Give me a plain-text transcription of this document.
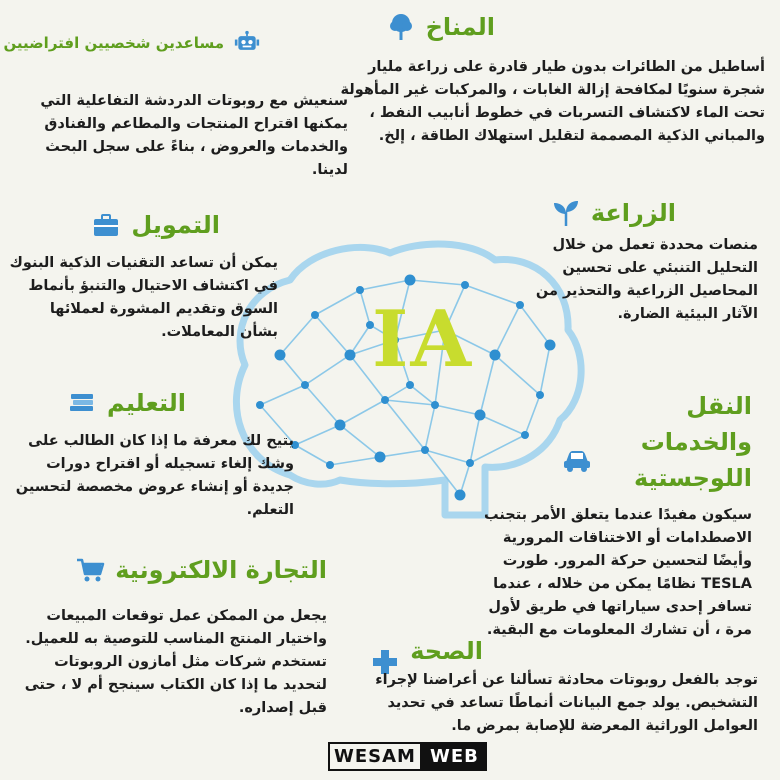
IA
المناخ
أساطيل من الطائرات بدون طيار قادرة على زراعة مليار شجرة سنويًا لمكافحة إزالة الغابات ، والمركبات غير المأهولة تحت الماء لاكتشاف التسربات في خطوط أنابيب النفط ، والمباني الذكية المصممة لتقليل استهلاك الطاقة ، إلخ.
مساعدين شخصيين افتراضيين
سنعيش مع روبوتات الدردشة التفاعلية التي يمكنها اقتراح المنتجات والمطاعم والفنادق والخدمات والعروض ، بناءً على سجل البحث لدينا.
الزراعة
منصات محددة تعمل من خلال التحليل التنبئي على تحسين المحاصيل الزراعية والتحذير من الآثار البيئية الضارة.
التمويل
يمكن أن تساعد التقنيات الذكية البنوك في اكتشاف الاحتيال والتنبؤ بأنماط السوق وتقديم المشورة لعملائها بشأن المعاملات.
التعليم
يتيح لك معرفة ما إذا كان الطالب على وشك إلغاء تسجيله أو اقتراح دورات جديدة أو إنشاء عروض مخصصة لتحسين التعلم.
النقل والخدمات اللوجستية
سيكون مفيدًا عندما يتعلق الأمر بتجنب الاصطدامات أو الاختناقات المرورية وأيضًا لتحسين حركة المرور. طورت TESLA نظامًا يمكن من خلاله ، عندما تسافر إحدى سياراتها في طريق لأول مرة ، أن تشارك المعلومات مع البقية.
التجارة الالكترونية
يجعل من الممكن عمل توقعات المبيعات واختيار المنتج المناسب للتوصية به للعميل. تستخدم شركات مثل أمازون الروبوتات لتحديد ما إذا كان الكتاب سينجح أم لا ، حتى قبل إصداره.
الصحة
توجد بالفعل روبوتات محادثة تسألنا عن أعراضنا لإجراء التشخيص. يولد جمع البيانات أنماطًا تساعد في تحديد العوامل الوراثية المعرضة للإصابة بمرض ما.
WESAM WEB
